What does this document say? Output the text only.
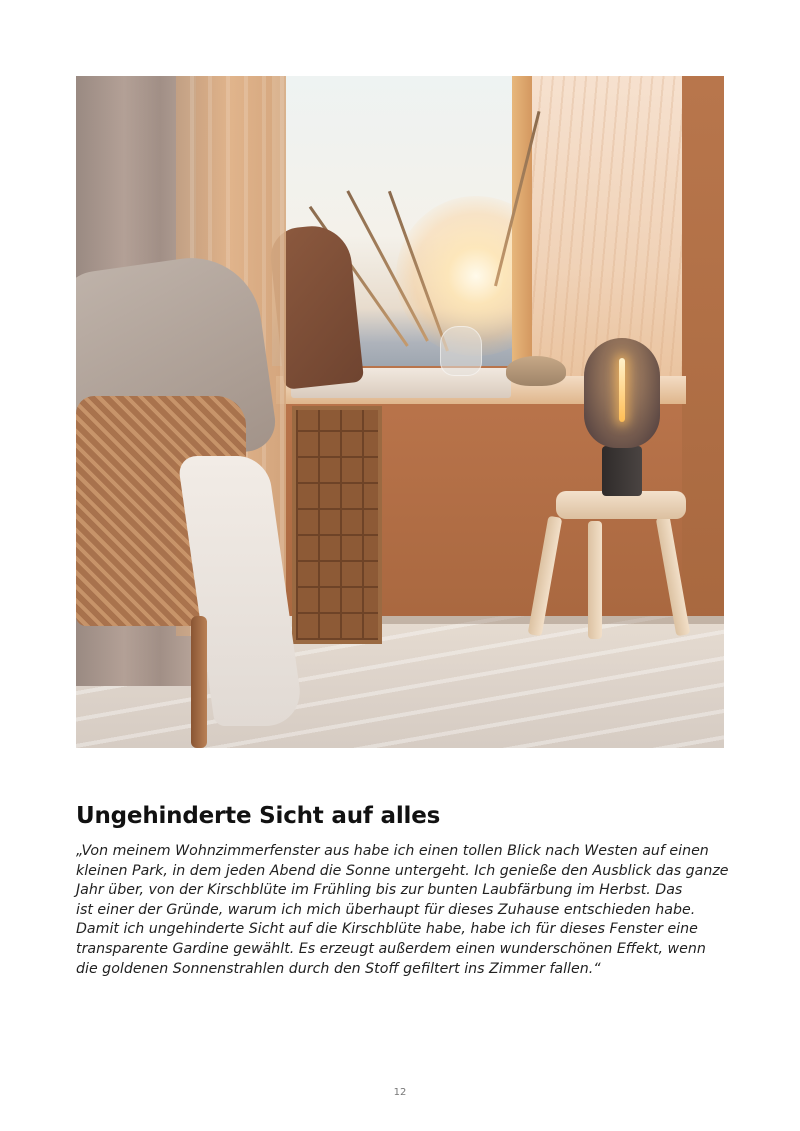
Ungehinderte Sicht auf alles

„Von meinem Wohnzimmerfenster aus habe ich einen tollen Blick nach Westen auf einen
kleinen Park, in dem jeden Abend die Sonne untergeht. Ich genieße den Ausblick das ganze
Jahr über, von der Kirschblüte im Frühling bis zur bunten Laubfärbung im Herbst. Das
ist einer der Gründe, warum ich mich überhaupt für dieses Zuhause entschieden habe.
Damit ich ungehinderte Sicht auf die Kirschblüte habe, habe ich für dieses Fenster eine
transparente Gardine gewählt. Es erzeugt außerdem einen wunderschönen Effekt, wenn
die goldenen Sonnenstrahlen durch den Stoff gefiltert ins Zimmer fallen.“

12
